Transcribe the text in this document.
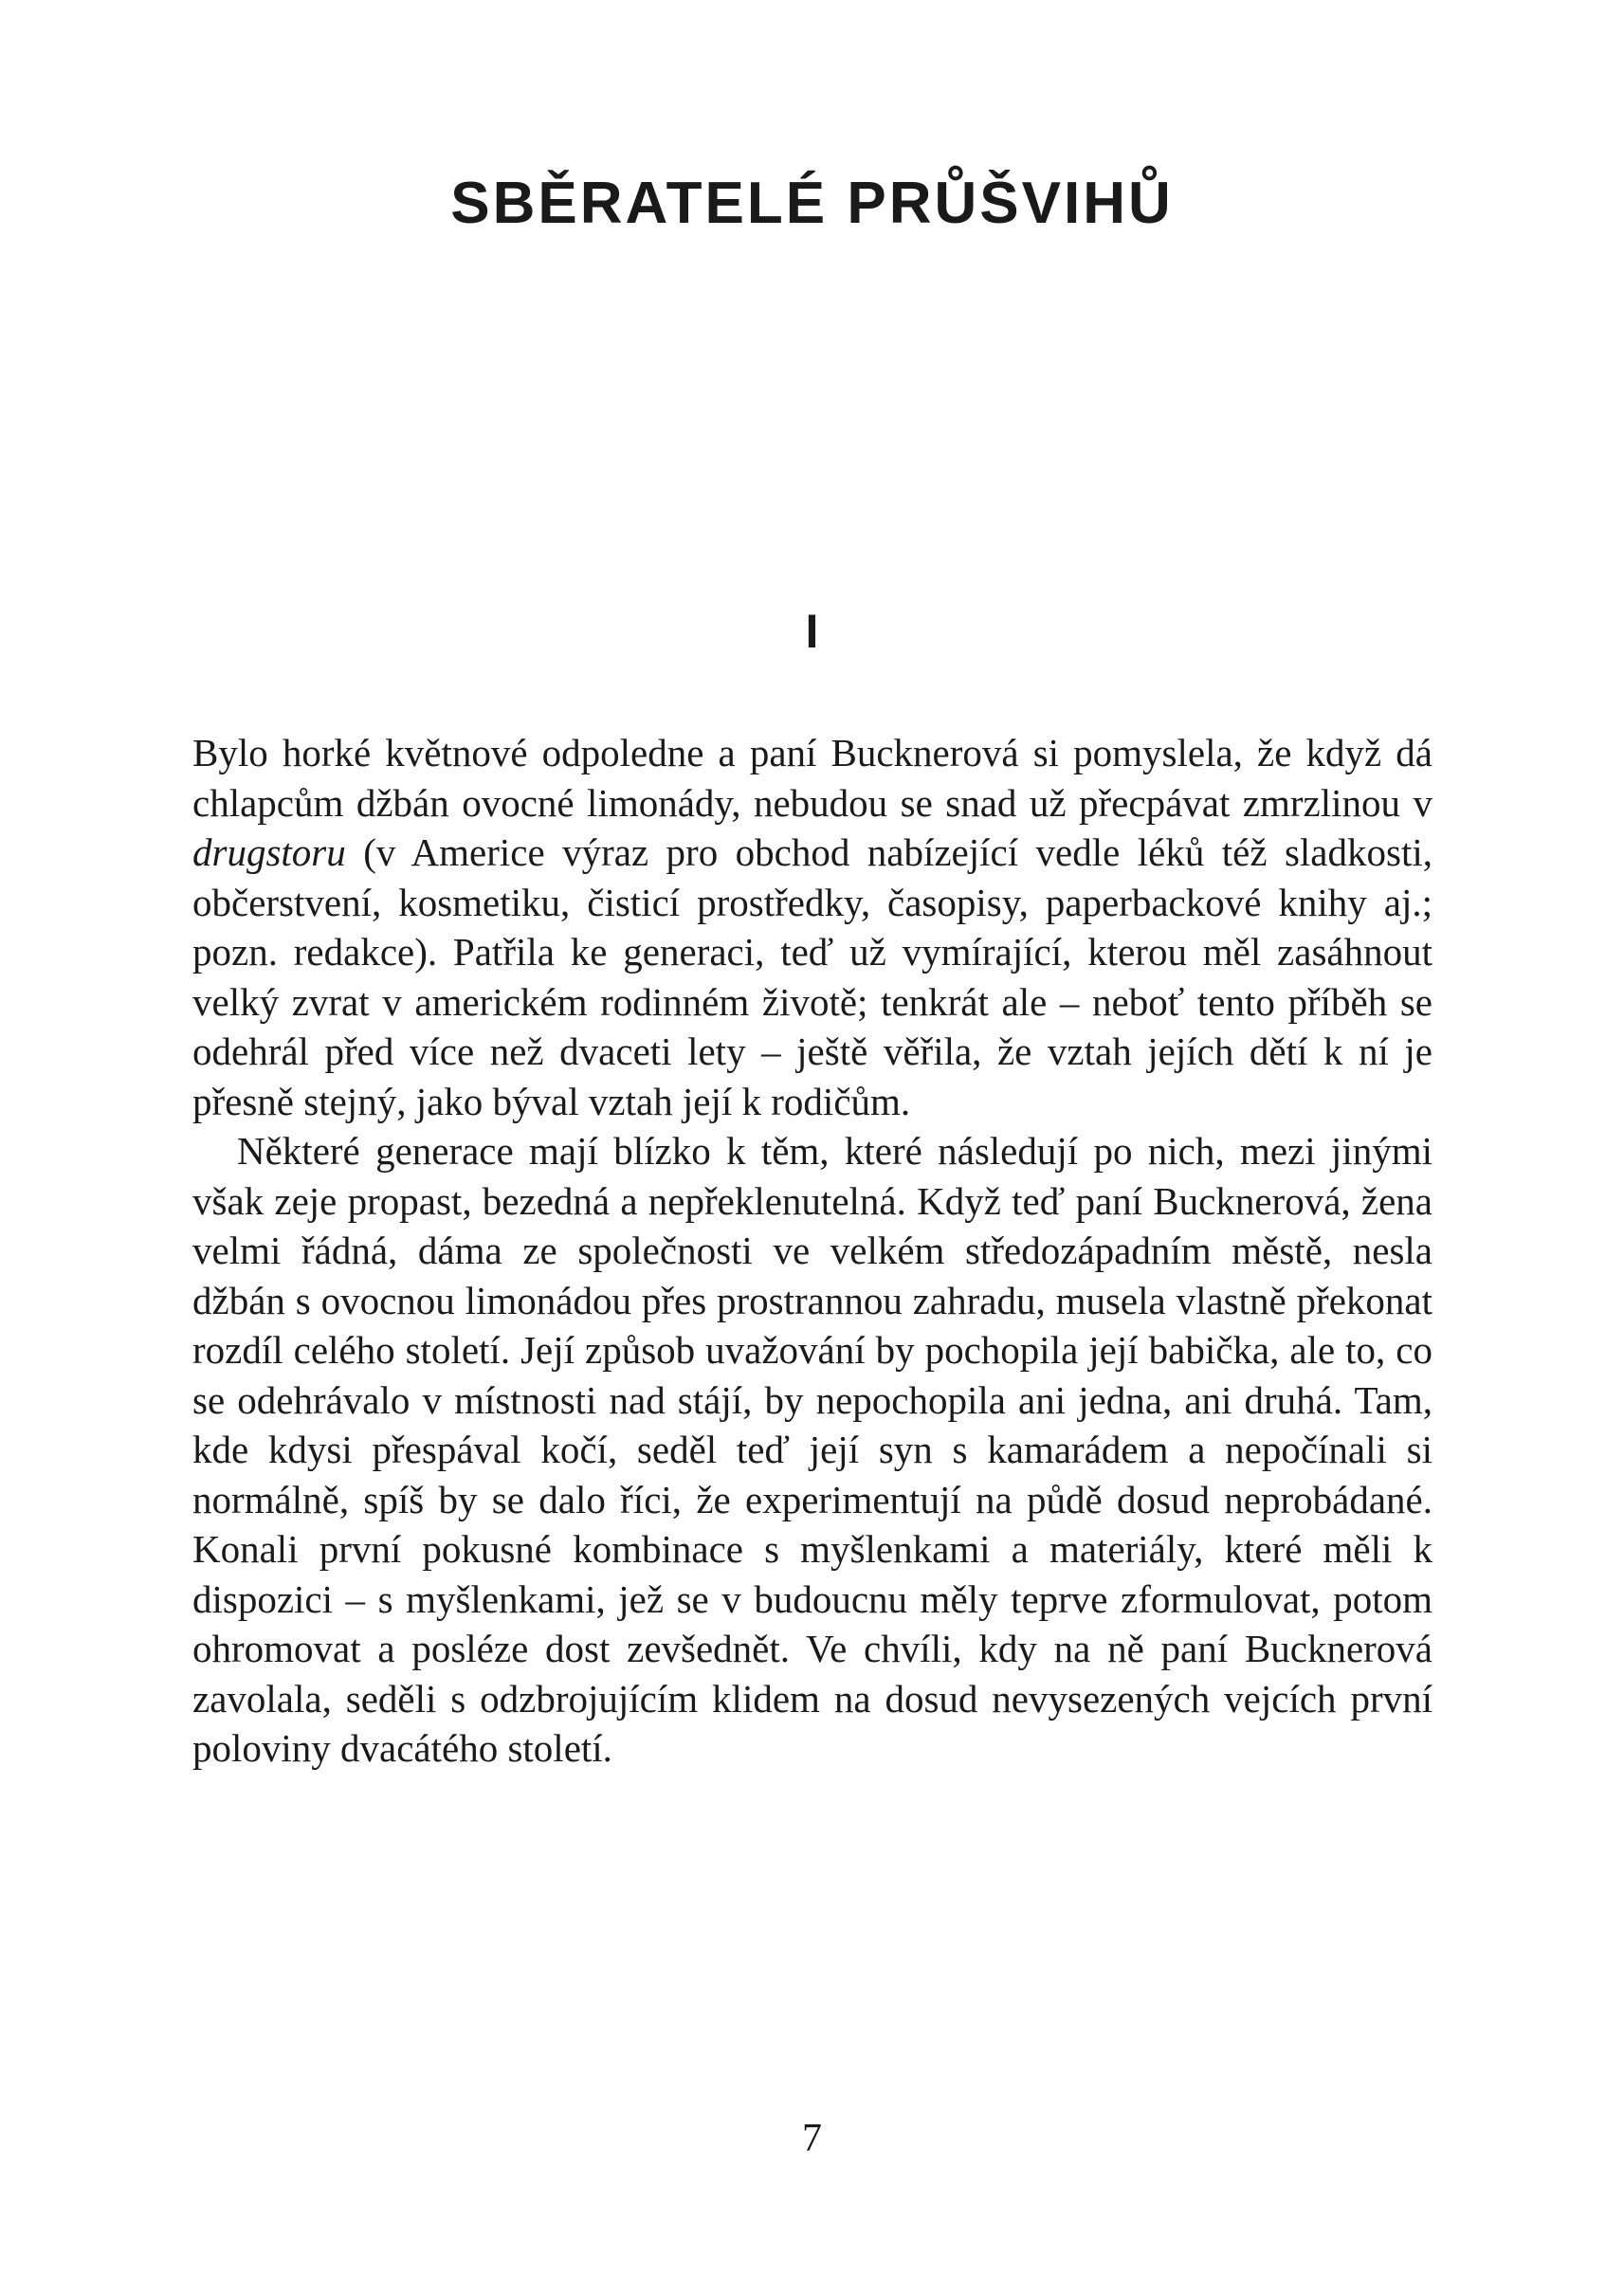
SBĚRATELÉ PRŮŠVIHŮ
I

Bylo horké květnové odpoledne a paní Bucknerová si pomyslela, že když dá chlapcům džbán ovocné limonády, nebudou se snad už přecpávat zmrzlinou v drugstoru (v Americe výraz pro obchod nabízející vedle léků též sladkosti, občerstvení, kosmetiku, čisticí prostředky, časopisy, paperbackové knihy aj.; pozn. redakce). Patřila ke generaci, teď už vymírající, kterou měl zasáhnout velký zvrat v americkém rodinném životě; tenkrát ale – neboť tento příběh se odehrál před více než dvaceti lety – ještě věřila, že vztah jejích dětí k ní je přesně stejný, jako býval vztah její k rodičům.

Některé generace mají blízko k těm, které následují po nich, mezi jinými však zeje propast, bezedná a nepřeklenutelná. Když teď paní Bucknerová, žena velmi řádná, dáma ze společnosti ve velkém středozápadním městě, nesla džbán s ovocnou limonádou přes prostrannou zahradu, musela vlastně překonat rozdíl celého století. Její způsob uvažování by pochopila její babička, ale to, co se odehrávalo v místnosti nad stájí, by nepochopila ani jedna, ani druhá. Tam, kde kdysi přespával kočí, seděl teď její syn s kamarádem a nepočínali si normálně, spíš by se dalo říci, že experimentují na půdě dosud neprobádané. Konali první pokusné kombinace s myšlenkami a materiály, které měli k dispozici – s myšlenkami, jež se v budoucnu měly teprve zformulovat, potom ohromovat a posléze dost zevšednět. Ve chvíli, kdy na ně paní Bucknerová zavolala, seděli s odzbrojujícím klidem na dosud nevysezených vejcích první poloviny dvacátého století.

7
